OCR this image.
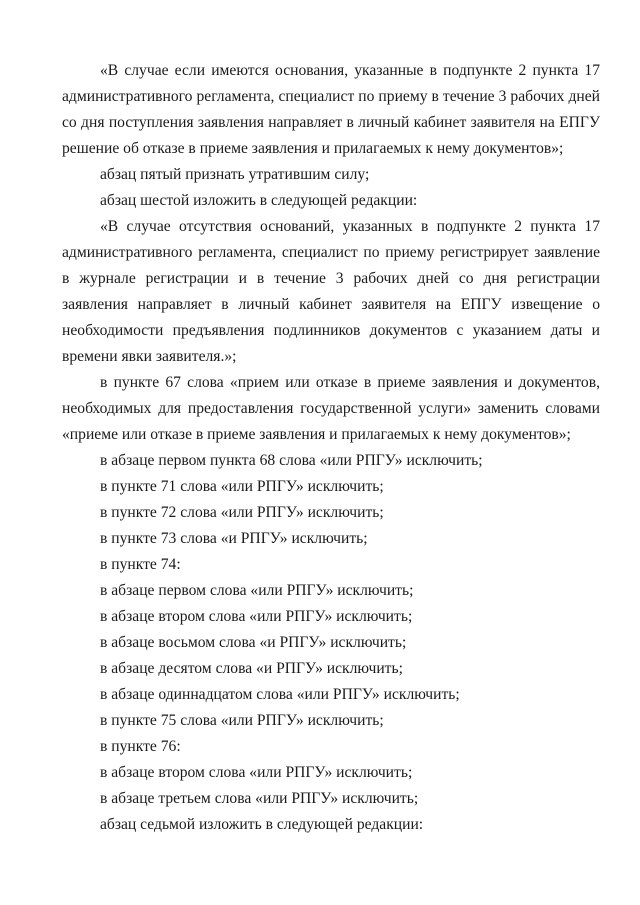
«В случае если имеются основания, указанные в подпункте 2 пункта 17 административного регламента, специалист по приему в течение 3 рабочих дней со дня поступления заявления направляет в личный кабинет заявителя на ЕПГУ решение об отказе в приеме заявления и прилагаемых к нему документов»;

абзац пятый признать утратившим силу;

абзац шестой изложить в следующей редакции:

«В случае отсутствия оснований, указанных в подпункте 2 пункта 17 административного регламента, специалист по приему регистрирует заявление в журнале регистрации и в течение 3 рабочих дней со дня регистрации заявления направляет в личный кабинет заявителя на ЕПГУ извещение о необходимости предъявления подлинников документов с указанием даты и времени явки заявителя.»;

в пункте 67 слова «прием или отказе в приеме заявления и документов, необходимых для предоставления государственной услуги» заменить словами «приеме или отказе в приеме заявления и прилагаемых к нему документов»;

в абзаце первом пункта 68 слова «или РПГУ» исключить;

в пункте 71 слова «или РПГУ» исключить;

в пункте 72 слова «или РПГУ» исключить;

в пункте 73 слова «и РПГУ» исключить;

в пункте 74:

в абзаце первом слова «или РПГУ» исключить;

в абзаце втором слова «или РПГУ» исключить;

в абзаце восьмом слова «и РПГУ» исключить;

в абзаце десятом слова «и РПГУ» исключить;

в абзаце одиннадцатом слова «или РПГУ» исключить;

в пункте 75 слова «или РПГУ» исключить;

в пункте 76:

в абзаце втором слова «или РПГУ» исключить;

в абзаце третьем слова «или РПГУ» исключить;

абзац седьмой изложить в следующей редакции:
